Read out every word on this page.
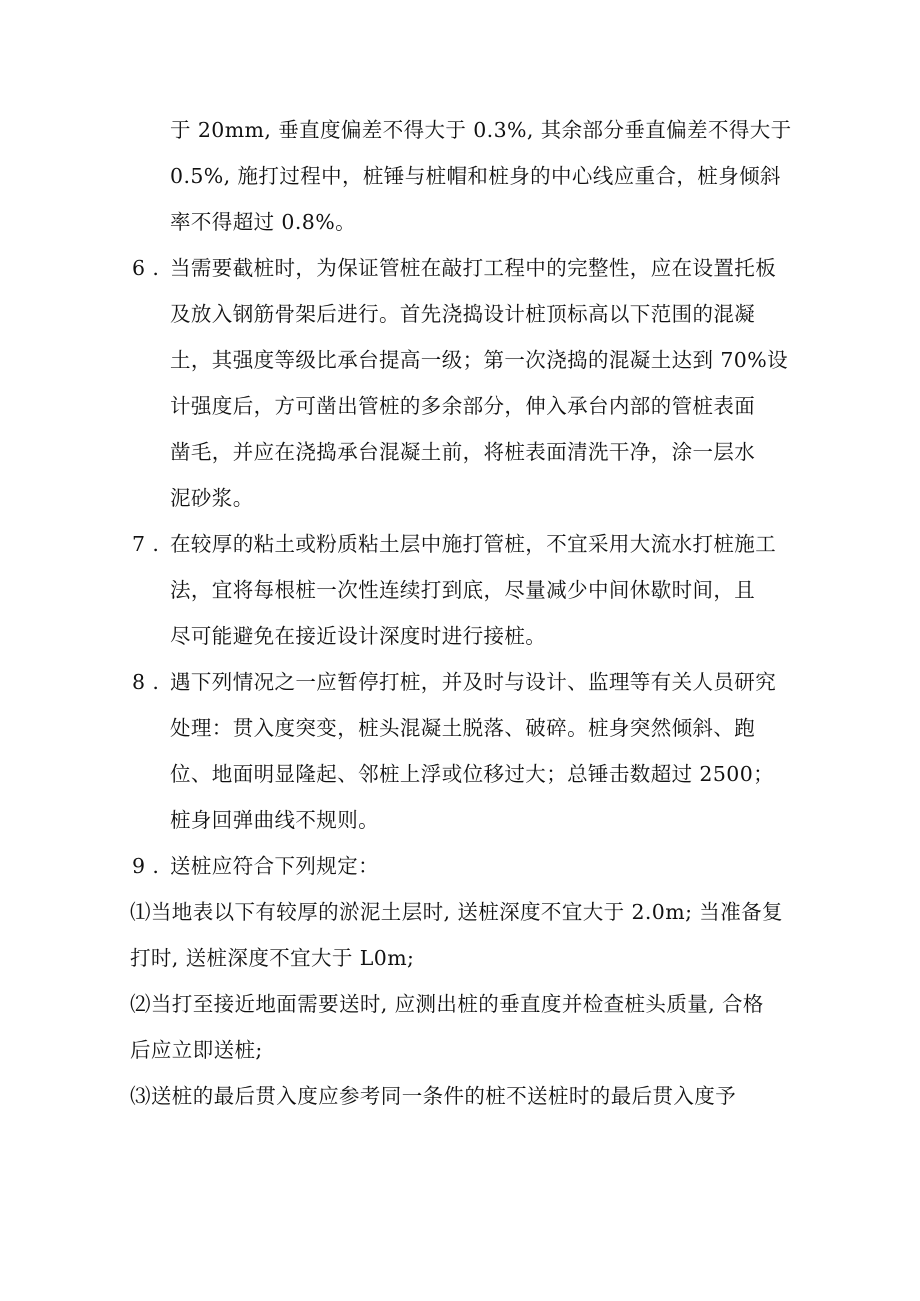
于 20mm, 垂直度偏差不得大于 0.3%, 其余部分垂直偏差不得大于
0.5%, 施打过程中，桩锤与桩帽和桩身的中心线应重合，桩身倾斜
率不得超过 0.8%。
6 . 当需要截桩时，为保证管桩在敲打工程中的完整性，应在设置托板
及放入钢筋骨架后进行。首先浇捣设计桩顶标高以下范围的混凝
土，其强度等级比承台提高一级；第一次浇捣的混凝土达到 70%设
计强度后，方可凿出管桩的多余部分，伸入承台内部的管桩表面
凿毛，并应在浇捣承台混凝土前，将桩表面清洗干净，涂一层水
泥砂浆。
7 . 在较厚的粘土或粉质粘土层中施打管桩，不宜采用大流水打桩施工
法，宜将每根桩一次性连续打到底，尽量减少中间休歇时间，且
尽可能避免在接近设计深度时进行接桩。
8 . 遇下列情况之一应暂停打桩，并及时与设计、监理等有关人员研究
处理：贯入度突变，桩头混凝土脱落、破碎。桩身突然倾斜、跑
位、地面明显隆起、邻桩上浮或位移过大；总锤击数超过 2500；
桩身回弹曲线不规则。
9 . 送桩应符合下列规定：
⑴当地表以下有较厚的淤泥土层时, 送桩深度不宜大于 2.0m; 当准备复
打时, 送桩深度不宜大于 L0m;
⑵当打至接近地面需要送时, 应测出桩的垂直度并检查桩头质量, 合格
后应立即送桩;
⑶送桩的最后贯入度应参考同一条件的桩不送桩时的最后贯入度予
